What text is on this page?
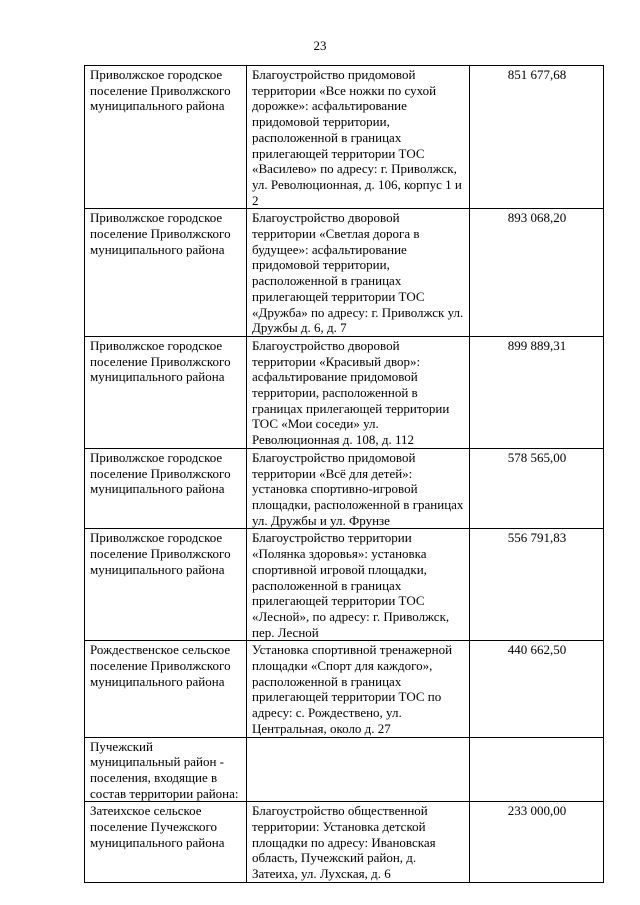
23
Приволжское городское поселение Приволжского муниципального района	Благоустройство придомовой территории «Все ножки по сухой дорожке»: асфальтирование придомовой территории, расположенной в границах прилегающей территории ТОС «Василево» по адресу: г. Приволжск, ул. Революционная, д. 106, корпус 1 и 2	851 677,68
Приволжское городское поселение Приволжского муниципального района	Благоустройство дворовой территории «Светлая дорога в будущее»: асфальтирование придомовой территории, расположенной в границах прилегающей территории ТОС «Дружба» по адресу: г. Приволжск ул. Дружбы д. 6, д. 7	893 068,20
Приволжское городское поселение Приволжского муниципального района	Благоустройство дворовой территории «Красивый двор»: асфальтирование придомовой территории, расположенной в границах прилегающей территории ТОС «Мои соседи» ул. Революционная д. 108, д. 112	899 889,31
Приволжское городское поселение Приволжского муниципального района	Благоустройство придомовой территории «Всё для детей»: установка спортивно-игровой площадки, расположенной в границах ул. Дружбы и ул. Фрунзе	578 565,00
Приволжское городское поселение Приволжского муниципального района	Благоустройство территории «Полянка здоровья»: установка спортивной игровой площадки, расположенной в границах прилегающей территории ТОС «Лесной», по адресу: г. Приволжск, пер. Лесной	556 791,83
Рождественское сельское поселение Приволжского муниципального района	Установка спортивной тренажерной площадки «Спорт для каждого», расположенной в границах прилегающей территории ТОС по адресу: с. Рождествено, ул. Центральная, около д. 27	440 662,50
Пучежский муниципальный район - поселения, входящие в состав территории района:		
Затеихское сельское поселение Пучежского муниципального района	Благоустройство общественной территории: Установка детской площадки по адресу: Ивановская область, Пучежский район, д. Затеиха, ул. Лухская, д. 6	233 000,00
